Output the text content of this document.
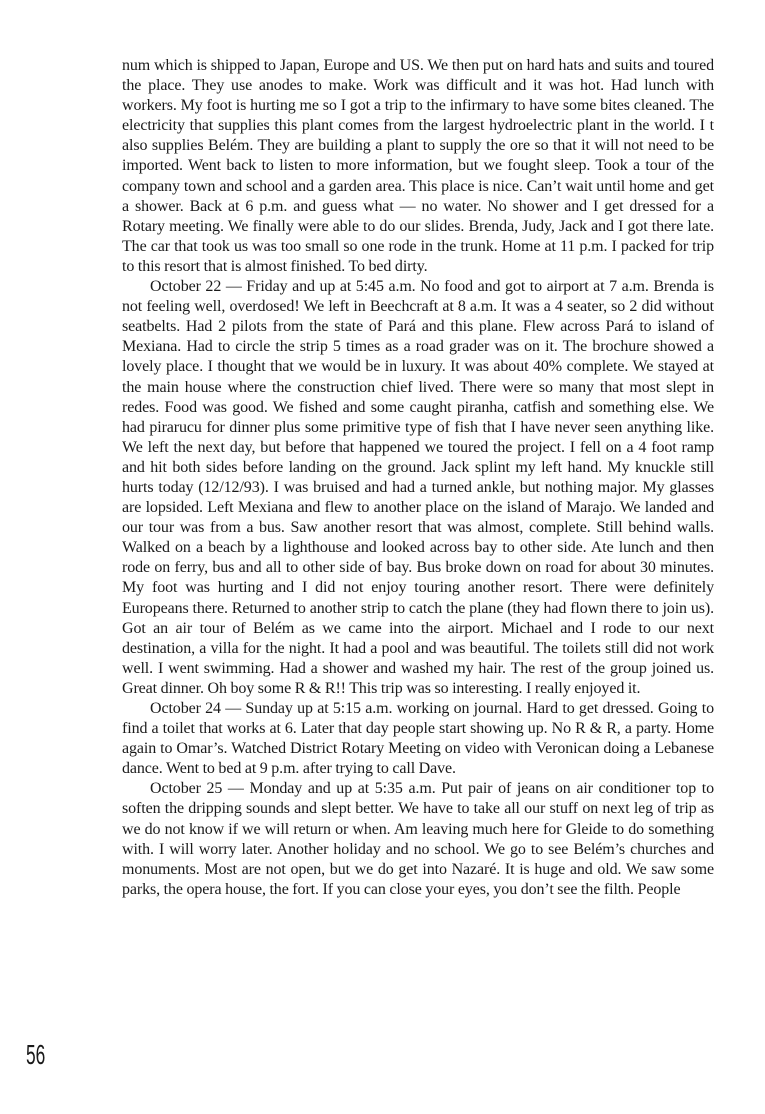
num which is shipped to Japan, Europe and US. We then put on hard hats and suits and toured the place. They use anodes to make. Work was difficult and it was hot. Had lunch with workers. My foot is hurting me so I got a trip to the infirmary to have some bites cleaned. The electricity that supplies this plant comes from the largest hydroelectric plant in the world. I t also supplies Belém. They are building a plant to supply the ore so that it will not need to be imported. Went back to listen to more information, but we fought sleep. Took a tour of the company town and school and a garden area. This place is nice. Can’t wait until home and get a shower. Back at 6 p.m. and guess what — no water. No shower and I get dressed for a Rotary meeting. We finally were able to do our slides. Brenda, Judy, Jack and I got there late. The car that took us was too small so one rode in the trunk. Home at 11 p.m. I packed for trip to this resort that is almost finished. To bed dirty.

October 22 — Friday and up at 5:45 a.m. No food and got to airport at 7 a.m. Brenda is not feeling well, overdosed! We left in Beechcraft at 8 a.m. It was a 4 seater, so 2 did without seatbelts. Had 2 pilots from the state of Pará and this plane. Flew across Pará to island of Mexiana. Had to circle the strip 5 times as a road grader was on it. The brochure showed a lovely place. I thought that we would be in luxury. It was about 40% complete. We stayed at the main house where the construction chief lived. There were so many that most slept in redes. Food was good. We fished and some caught piranha, catfish and something else. We had pirarucu for dinner plus some primitive type of fish that I have never seen anything like. We left the next day, but before that happened we toured the project. I fell on a 4 foot ramp and hit both sides before landing on the ground. Jack splint my left hand. My knuckle still hurts today (12/12/93). I was bruised and had a turned ankle, but nothing major. My glasses are lopsided. Left Mexiana and flew to another place on the island of Marajo. We landed and our tour was from a bus. Saw another resort that was almost, complete. Still behind walls. Walked on a beach by a lighthouse and looked across bay to other side. Ate lunch and then rode on ferry, bus and all to other side of bay. Bus broke down on road for about 30 minutes. My foot was hurting and I did not enjoy touring another resort. There were definitely Europeans there. Returned to another strip to catch the plane (they had flown there to join us). Got an air tour of Belém as we came into the airport. Michael and I rode to our next destination, a villa for the night. It had a pool and was beautiful. The toilets still did not work well. I went swimming. Had a shower and washed my hair. The rest of the group joined us. Great dinner. Oh boy some R & R!! This trip was so interesting. I really enjoyed it.

October 24 — Sunday up at 5:15 a.m. working on journal. Hard to get dressed. Going to find a toilet that works at 6. Later that day people start showing up. No R & R, a party. Home again to Omar’s. Watched District Rotary Meeting on video with Veronican doing a Lebanese dance. Went to bed at 9 p.m. after trying to call Dave.

October 25 — Monday and up at 5:35 a.m. Put pair of jeans on air conditioner top to soften the dripping sounds and slept better. We have to take all our stuff on next leg of trip as we do not know if we will return or when. Am leaving much here for Gleide to do something with. I will worry later. Another holiday and no school. We go to see Belém’s churches and monuments. Most are not open, but we do get into Nazaré. It is huge and old. We saw some parks, the opera house, the fort. If you can close your eyes, you don’t see the filth. People

56
